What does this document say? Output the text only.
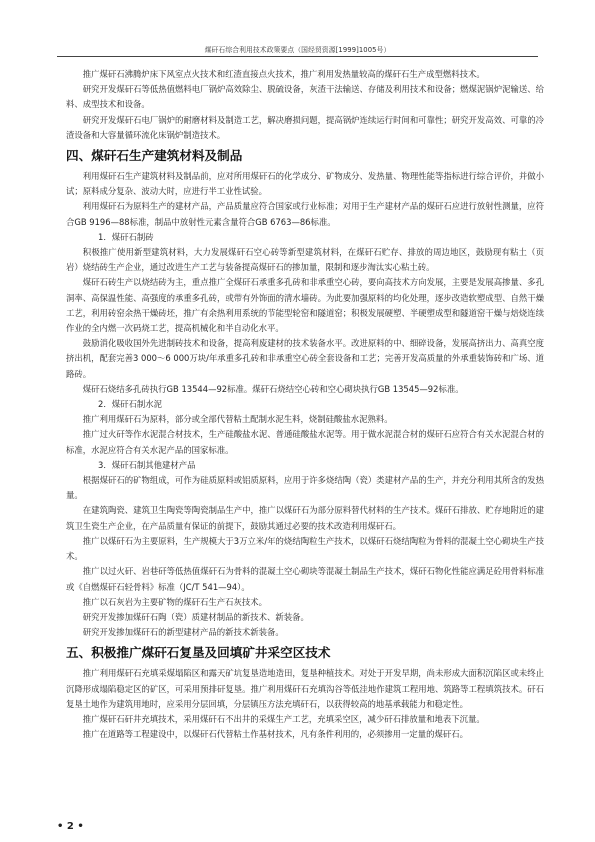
煤矸石综合利用技术政策要点（国经贸资源[1999]1005号）

推广煤矸石沸腾炉床下风室点火技术和红渣直接点火技术，推广利用发热量较高的煤矸石生产成型燃料技术。

研究开发煤矸石等低热值燃料电厂锅炉高效除尘、脱硫设备，灰渣干法输送、存储及利用技术和设备；燃煤泥锅炉泥输送、给料、成型技术和设备。

研究开发煤矸石电厂锅炉的耐磨材料及制造工艺，解决磨损问题，提高锅炉连续运行时间和可靠性；研究开发高效、可靠的冷渣设备和大容量循环流化床锅炉制造技术。

四、煤矸石生产建筑材料及制品

利用煤矸石生产建筑材料及制品前，应对所用煤矸石的化学成分、矿物成分、发热量、物理性能等指标进行综合评价，并做小试；原料成分复杂、波动大时，应进行半工业性试验。

利用煤矸石为原料生产的建材产品，产品质量应符合国家或行业标准；对用于生产建材产品的煤矸石应进行放射性测量，应符合GB 9196—88标准，制品中放射性元素含量符合GB 6763—86标准。

1．煤矸石制砖

积极推广使用新型建筑材料，大力发展煤矸石空心砖等新型建筑材料，在煤矸石贮存、排放的周边地区，鼓励现有粘土（页岩）烧结砖生产企业，通过改进生产工艺与装备提高煤矸石的掺加量，限制和逐步淘汰实心粘土砖。

煤矸石砖生产以烧结砖为主，重点推广全煤矸石承重多孔砖和非承重空心砖，要向高技术方向发展，主要是发展高掺量、多孔洞率、高保温性能、高强度的承重多孔砖，或带有外饰面的清水墙砖。为此要加强原料的均化处理，逐步改造软塑成型、自然干燥工艺，利用砖窑余热干燥砖坯，推广有余热利用系统的节能型轮窑和隧道窑；积极发展硬塑、半硬塑成型和隧道窑干燥与焙烧连续作业的全内燃一次码烧工艺，提高机械化和半自动化水平。

鼓励消化吸收国外先进制砖技术和设备，提高利废建材的技术装备水平。改进原料的中、细碎设备，发展高挤出力、高真空度挤出机，配套完善3 000～6 000万块/年承重多孔砖和非承重空心砖全套设备和工艺；完善开发高质量的外承重装饰砖和广场、道路砖。

煤矸石烧结多孔砖执行GB 13544—92标准。煤矸石烧结空心砖和空心砌块执行GB 13545—92标准。

2．煤矸石制水泥

推广利用煤矸石为原料，部分或全部代替粘土配制水泥生料，烧制硅酸盐水泥熟料。

推广过火矸等作水泥混合材技术，生产硅酸盐水泥、普通硅酸盐水泥等。用于做水泥混合材的煤矸石应符合有关水泥混合材的标准，水泥应符合有关水泥产品的国家标准。

3．煤矸石制其他建材产品

根据煤矸石的矿物组成，可作为硅质原料或铝质原料，应用于许多烧结陶（瓷）类建材产品的生产，并充分利用其所含的发热量。

在建筑陶瓷、建筑卫生陶瓷等陶瓷制品生产中，推广以煤矸石为部分原料替代材料的生产技术。煤矸石排放、贮存地附近的建筑卫生瓷生产企业，在产品质量有保证的前提下，鼓励其通过必要的技术改造利用煤矸石。

推广以煤矸石为主要原料，生产规模大于3万立米/年的烧结陶粒生产技术，以煤矸石烧结陶粒为骨料的混凝土空心砌块生产技术。

推广以过火矸、岩巷矸等低热值煤矸石为骨料的混凝土空心砌块等混凝土制品生产技术，煤矸石物化性能应满足砼用骨料标准或《自燃煤矸石轻骨料》标准（JC/T 541—94）。

推广以石灰岩为主要矿物的煤矸石生产石灰技术。

研究开发掺加煤矸石陶（瓷）质建材制品的新技术、新装备。

研究开发掺加煤矸石的新型建材产品的新技术新装备。

五、积极推广煤矸石复垦及回填矿井采空区技术

推广利用煤矸石充填采煤塌陷区和露天矿坑复垦造地造田，复垦种植技术。对处于开发早期，尚未形成大面积沉陷区或未终止沉降形成塌陷稳定区的矿区，可采用预排矸复垦。推广利用煤矸石充填沟谷等低洼地作建筑工程用地、筑路等工程填筑技术。矸石复垦土地作为建筑用地时，应采用分层回填，分层镇压方法充填矸石，以获得较高的地基承载能力和稳定性。

推广煤矸石矸井充填技术，采用煤矸石不出井的采煤生产工艺，充填采空区，减少矸石排放量和地表下沉量。

推广在道路等工程建设中，以煤矸石代替粘土作基材技术，凡有条件利用的，必须掺用一定量的煤矸石。

• 2 •
